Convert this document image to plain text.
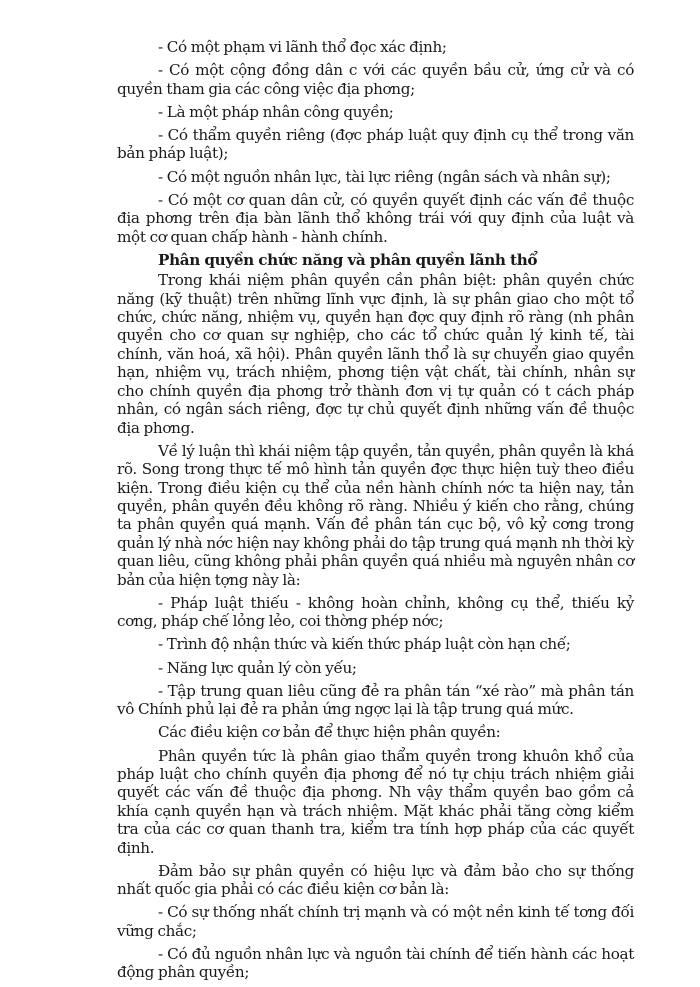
- Có một phạm vi lãnh thổ đọc xác định;

- Có một cộng đồng dân c với các quyền bầu cử, ứng cử và có quyền tham gia các công việc địa phơng;

- Là một pháp nhân công quyền;

- Có thẩm quyền riêng (đợc pháp luật quy định cụ thể trong văn bản pháp luật);

- Có một nguồn nhân lực, tài lực riêng (ngân sách và nhân sự);

- Có một cơ quan dân cử, có quyền quyết định các vấn đề thuộc địa phơng trên địa bàn lãnh thổ không trái với quy định của luật và một cơ quan chấp hành - hành chính.

Phân quyền chức năng và phân quyền lãnh thổ

Trong khái niệm phân quyền cần phân biệt: phân quyền chức năng (kỹ thuật) trên những lĩnh vực định, là sự phân giao cho một tổ chức, chức năng, nhiệm vụ, quyền hạn đợc quy định rõ ràng (nh phân quyền cho cơ quan sự nghiệp, cho các tổ chức quản lý kinh tế, tài chính, văn hoá, xã hội). Phân quyền lãnh thổ là sự chuyển giao quyền hạn, nhiệm vụ, trách nhiệm, phơng tiện vật chất, tài chính, nhân sự cho chính quyền địa phơng trở thành đơn vị tự quản có t cách pháp nhân, có ngân sách riêng, đợc tự chủ quyết định những vấn đề thuộc địa phơng.

Về lý luận thì khái niệm tập quyền, tản quyền, phân quyền là khá rõ. Song trong thực tế mô hình tản quyền đợc thực hiện tuỳ theo điều kiện. Trong điều kiện cụ thể của nền hành chính nớc ta hiện nay, tản quyền, phân quyền đều không rõ ràng. Nhiều ý kiến cho rằng, chúng ta phân quyền quá mạnh. Vấn đề phân tán cục bộ, vô kỷ cơng trong quản lý nhà nớc hiện nay không phải do tập trung quá mạnh nh thời kỳ quan liêu, cũng không phải phân quyền quá nhiều mà nguyên nhân cơ bản của hiện tợng này là:

- Pháp luật thiếu - không hoàn chỉnh, không cụ thể, thiếu kỷ cơng, pháp chế lỏng lẻo, coi thờng phép nớc;

- Trình độ nhận thức và kiến thức pháp luật còn hạn chế;

- Năng lực quản lý còn yếu;

- Tập trung quan liêu cũng đẻ ra phân tán “xé rào” mà phân tán vô Chính phủ lại đẻ ra phản ứng ngợc lại là tập trung quá mức.

Các điều kiện cơ bản để thực hiện phân quyền:

Phân quyền tức là phân giao thẩm quyền trong khuôn khổ của pháp luật cho chính quyền địa phơng để nó tự chịu trách nhiệm giải quyết các vấn đề thuộc địa phơng. Nh vậy thẩm quyền bao gồm cả khía cạnh quyền hạn và trách nhiệm. Mặt khác phải tăng cờng kiểm tra của các cơ quan thanh tra, kiểm tra tính hợp pháp của các quyết định.

Đảm bảo sự phân quyền có hiệu lực và đảm bảo cho sự thống nhất quốc gia phải có các điều kiện cơ bản là:

- Có sự thống nhất chính trị mạnh và có một nền kinh tế tơng đối vững chắc;

- Có đủ nguồn nhân lực và nguồn tài chính để tiến hành các hoạt động phân quyền;
